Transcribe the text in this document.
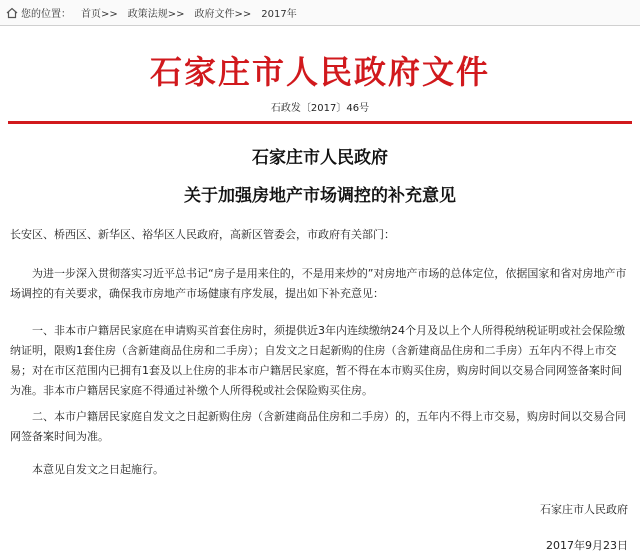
您的位置： 首页>> 政策法规>> 政府文件>> 2017年
石家庄市人民政府文件
石政发〔2017〕46号
石家庄市人民政府
关于加强房地产市场调控的补充意见
长安区、桥西区、新华区、裕华区人民政府，高新区管委会，市政府有关部门：
为进一步深入贯彻落实习近平总书记“房子是用来住的，不是用来炒的”对房地产市场的总体定位，依据国家和省对房地产市场调控的有关要求，确保我市房地产市场健康有序发展，提出如下补充意见：
一、非本市户籍居民家庭在申请购买首套住房时，须提供近3年内连续缴纳24个月及以上个人所得税纳税证明或社会保险缴纳证明，限购1套住房（含新建商品住房和二手房）；自发文之日起新购的住房（含新建商品住房和二手房）五年内不得上市交易；对在市区范围内已拥有1套及以上住房的非本市户籍居民家庭，暂不得在本市购买住房，购房时间以交易合同网签备案时间为准。非本市户籍居民家庭不得通过补缴个人所得税或社会保险购买住房。
二、本市户籍居民家庭自发文之日起新购住房（含新建商品住房和二手房）的，五年内不得上市交易，购房时间以交易合同网签备案时间为准。
本意见自发文之日起施行。
石家庄市人民政府
2017年9月23日
